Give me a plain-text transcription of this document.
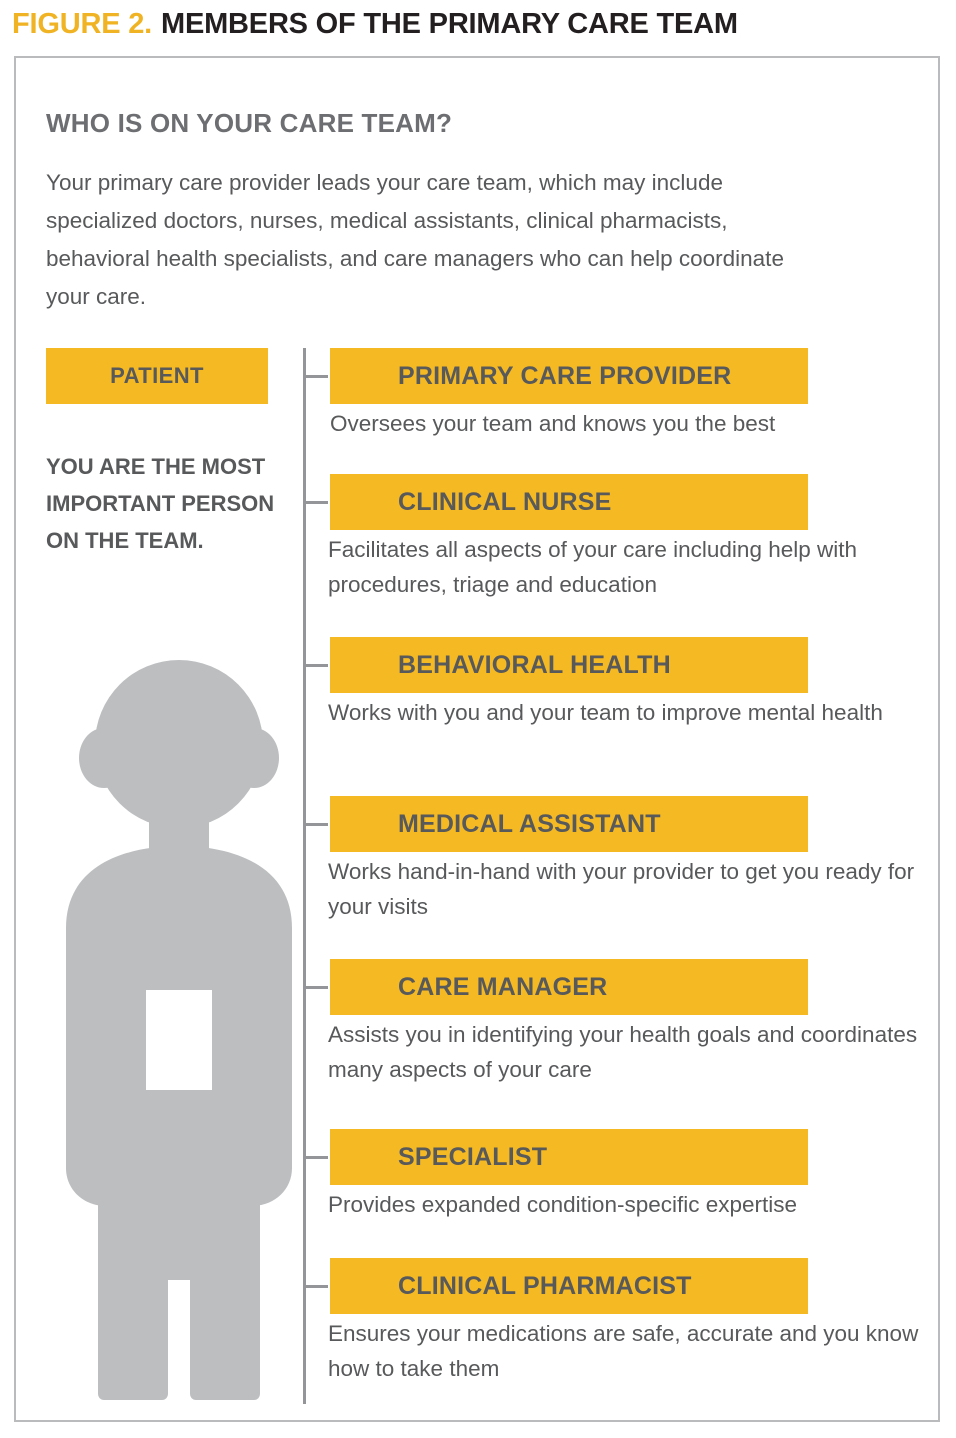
FIGURE 2. MEMBERS OF THE PRIMARY CARE TEAM
WHO IS ON YOUR CARE TEAM?
Your primary care provider leads your care team, which may include specialized doctors, nurses, medical assistants, clinical pharmacists, behavioral health specialists, and care managers who can help coordinate your care.
PATIENT
YOU ARE THE MOST IMPORTANT PERSON ON THE TEAM.
PRIMARY CARE PROVIDER
Oversees your team and knows you the best
CLINICAL NURSE
Facilitates all aspects of your care including help with procedures, triage and education
BEHAVIORAL HEALTH
Works with you and your team to improve mental health
MEDICAL ASSISTANT
Works hand-in-hand with your provider to get you ready for your visits
CARE MANAGER
Assists you in identifying your health goals and coordinates many aspects of your care
SPECIALIST
Provides expanded condition-specific expertise
CLINICAL PHARMACIST
Ensures your medications are safe, accurate and you know how to take them
